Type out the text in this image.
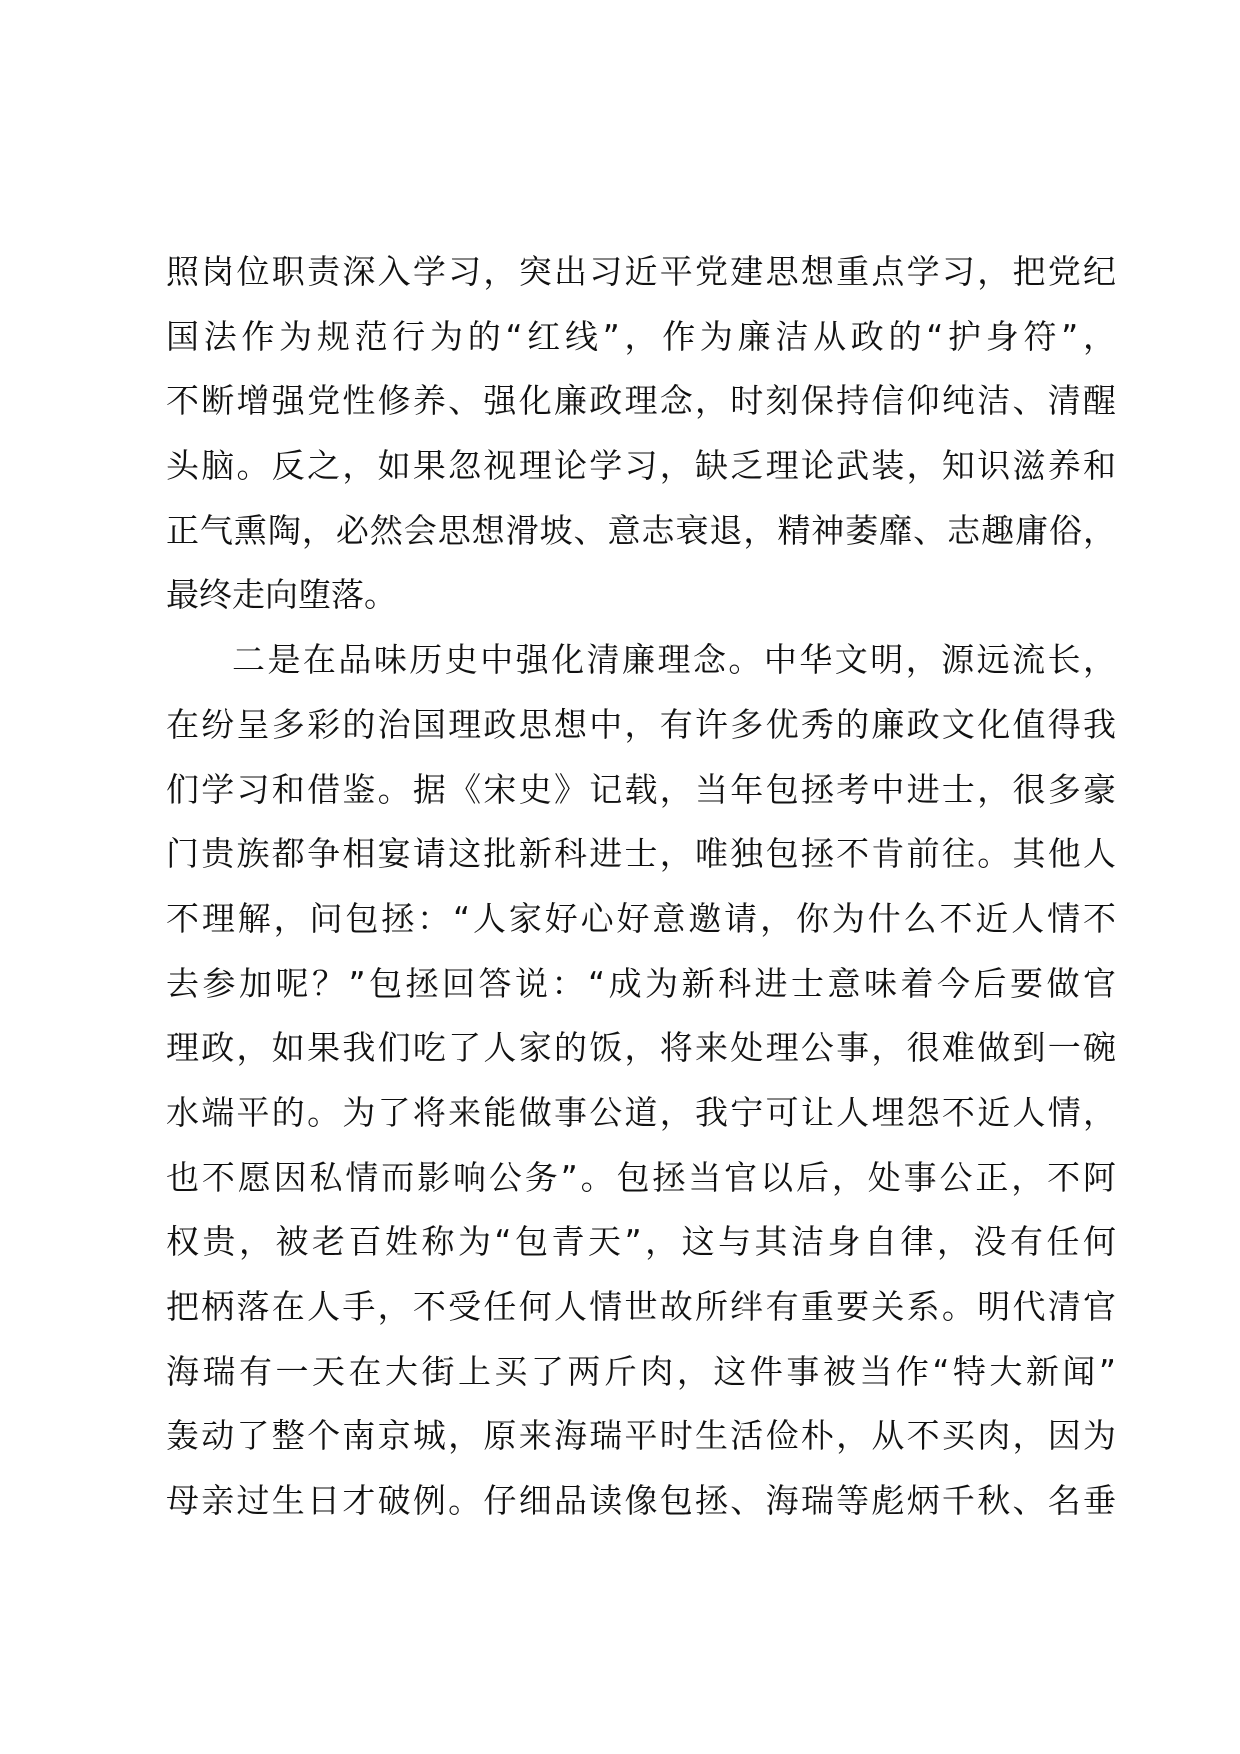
照岗位职责深入学习，突出习近平党建思想重点学习，把党纪
国法作为规范行为的“红线”，作为廉洁从政的“护身符”，
不断增强党性修养、强化廉政理念，时刻保持信仰纯洁、清醒
头脑。反之，如果忽视理论学习，缺乏理论武装，知识滋养和
正气熏陶，必然会思想滑坡、意志衰退，精神萎靡、志趣庸俗，
最终走向堕落。
二是在品味历史中强化清廉理念。中华文明，源远流长，
在纷呈多彩的治国理政思想中，有许多优秀的廉政文化值得我
们学习和借鉴。据《宋史》记载，当年包拯考中进士，很多豪
门贵族都争相宴请这批新科进士，唯独包拯不肯前往。其他人
不理解，问包拯：“人家好心好意邀请，你为什么不近人情不
去参加呢？”包拯回答说：“成为新科进士意味着今后要做官
理政，如果我们吃了人家的饭，将来处理公事，很难做到一碗
水端平的。为了将来能做事公道，我宁可让人埋怨不近人情，
也不愿因私情而影响公务”。包拯当官以后，处事公正，不阿
权贵，被老百姓称为“包青天”，这与其洁身自律，没有任何
把柄落在人手，不受任何人情世故所绊有重要关系。明代清官
海瑞有一天在大街上买了两斤肉，这件事被当作“特大新闻”
轰动了整个南京城，原来海瑞平时生活俭朴，从不买肉，因为
母亲过生日才破例。仔细品读像包拯、海瑞等彪炳千秋、名垂
